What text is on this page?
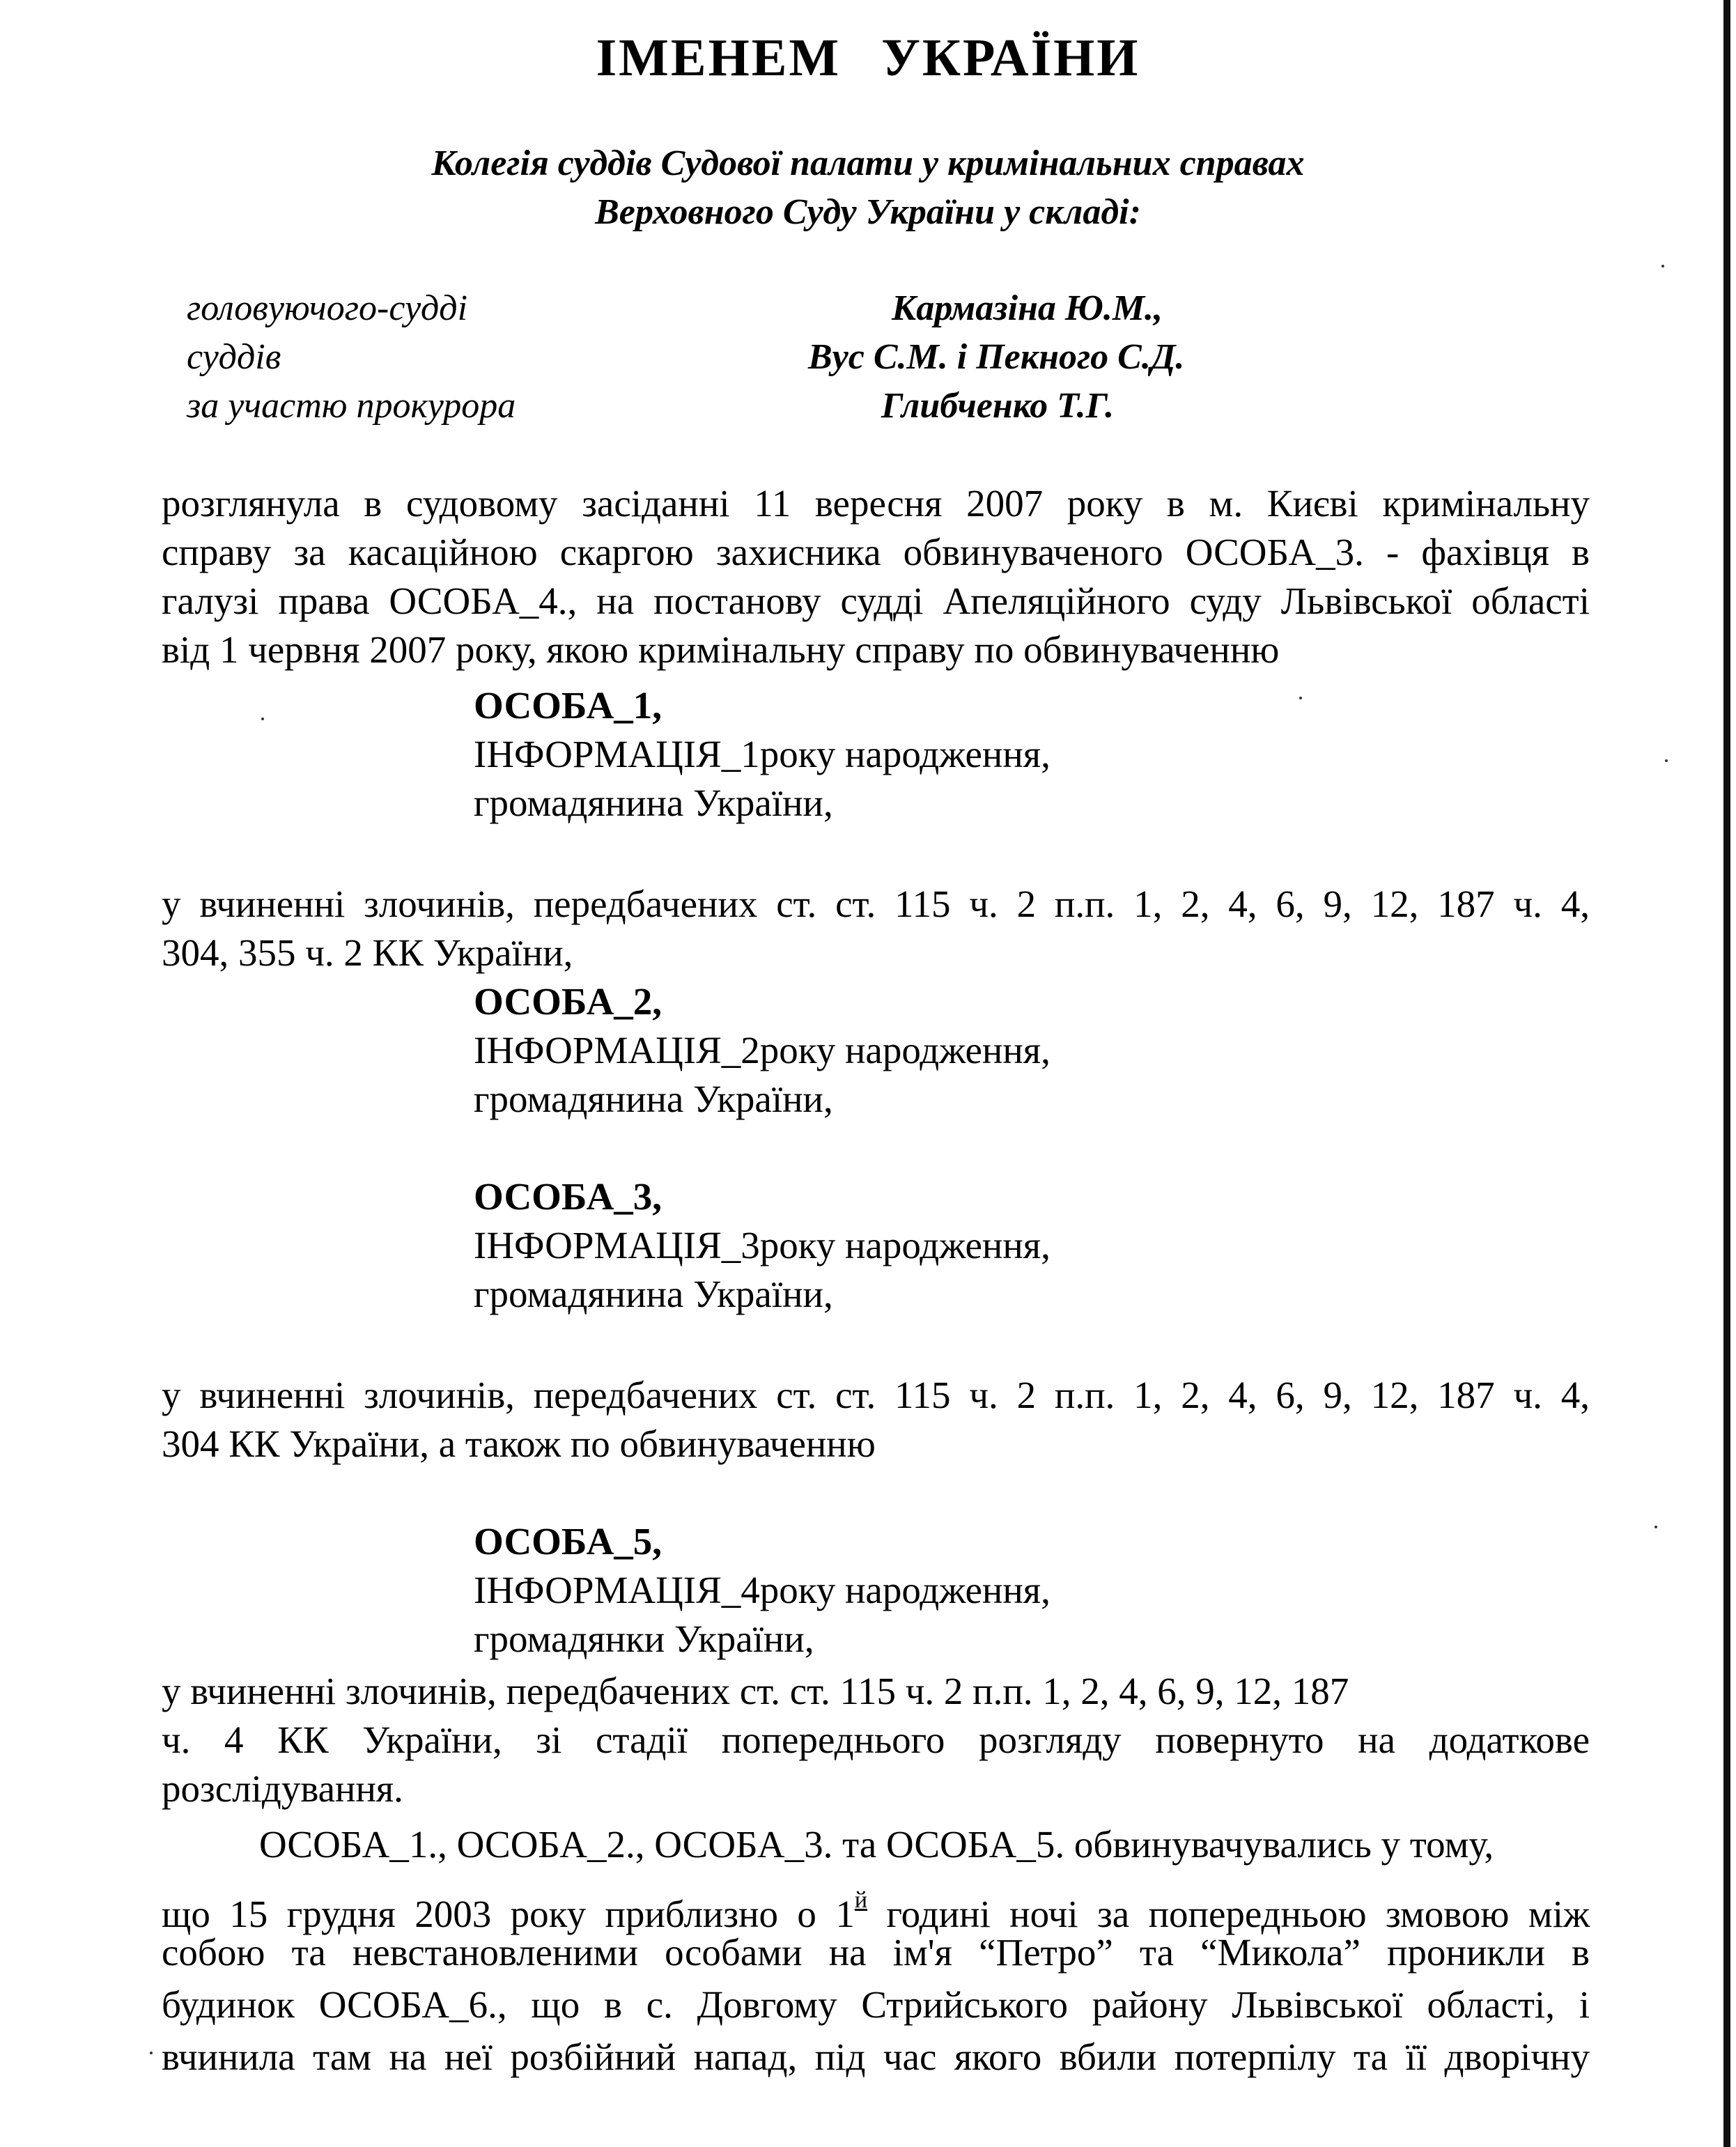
ІМЕНЕМ УКРАЇНИ
Колегія суддів Судової палати у кримінальних справах
Верховного Суду України у складі:
головуючого-судді	Кармазіна Ю.М.,
суддів	Вус С.М. і Пекного С.Д.
за участю прокурора	Глибченко Т.Г.
розглянула в судовому засіданні 11 вересня 2007 року в м. Києві кримінальну
справу за касаційною скаргою захисника обвинуваченого ОСОБА_3. - фахівця в
галузі права ОСОБА_4., на постанову судді Апеляційного суду Львівської області
від 1 червня 2007 року, якою кримінальну справу по обвинуваченню
ОСОБА_1,
ІНФОРМАЦІЯ_1року народження,
громадянина України,
у вчиненні злочинів, передбачених ст. ст. 115 ч. 2 п.п. 1, 2, 4, 6, 9, 12, 187 ч. 4,
304, 355 ч. 2 КК України,
ОСОБА_2,
ІНФОРМАЦІЯ_2року народження,
громадянина України,
ОСОБА_3,
ІНФОРМАЦІЯ_3року народження,
громадянина України,
у вчиненні злочинів, передбачених ст. ст. 115 ч. 2 п.п. 1, 2, 4, 6, 9, 12, 187 ч. 4,
304 КК України, а також по обвинуваченню
ОСОБА_5,
ІНФОРМАЦІЯ_4року народження,
громадянки України,
у вчиненні злочинів, передбачених ст. ст. 115 ч. 2 п.п. 1, 2, 4, 6, 9, 12, 187
ч. 4 КК України, зі стадії попереднього розгляду повернуто на додаткове
розслідування.
ОСОБА_1., ОСОБА_2., ОСОБА_3. та ОСОБА_5. обвинувачувались у тому,
що 15 грудня 2003 року приблизно о $1^й$ годині ночі за попередньою змовою між
собою та невстановленими особами на ім'я “Петро” та “Микола” проникли в
будинок ОСОБА_6., що в с. Довгому Стрийського району Львівської області, і
вчинила там на неї розбійний напад, під час якого вбили потерпілу та її дворічну
